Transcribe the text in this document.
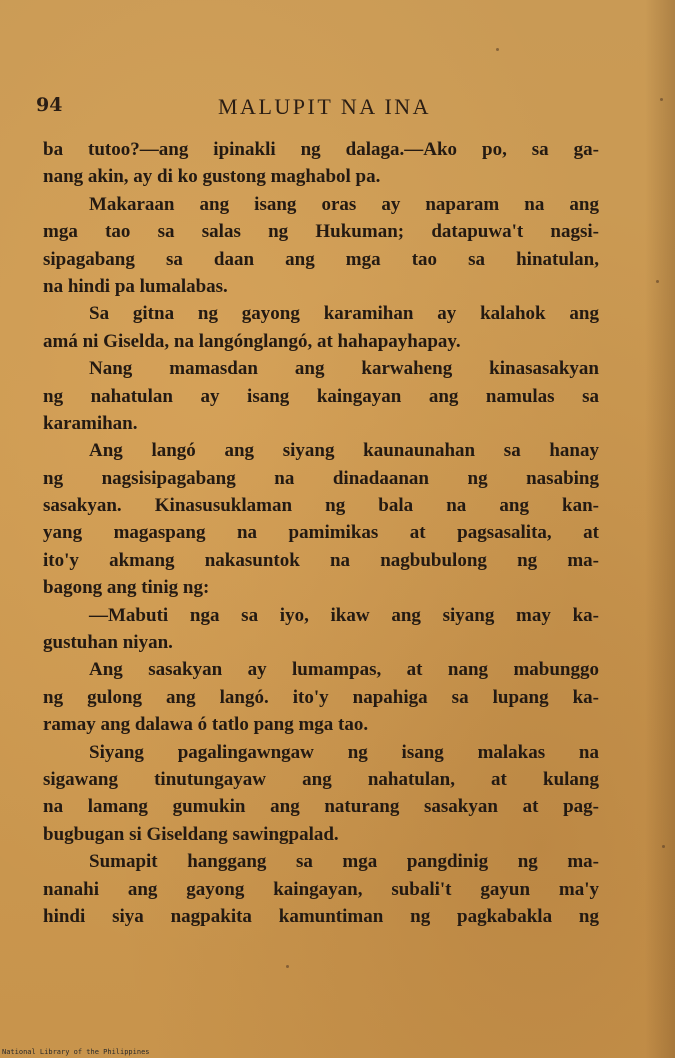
94	MALUPIT NA INA
ba tutoo?—ang ipinakli ng dalaga.—Ako po, sa ga-
nang akin, ay di ko gustong maghabol pa.
Makaraan ang isang oras ay naparam na ang
mga tao sa salas ng Hukuman; datapuwa't nagsi-
sipagabang sa daan ang mga tao sa hinatulan,
na hindi pa lumalabas.
Sa gitna ng gayong karamihan ay kalahok ang
amá ni Giselda, na langónglangó, at hahapayhapay.
Nang mamasdan ang karwaheng kinasasakyan
ng nahatulan ay isang kaingayan ang namulas sa
karamihan.
Ang langó ang siyang kaunaunahan sa hanay
ng nagsisipagabang na dinadaanan ng nasabing
sasakyan. Kinasusuklaman ng bala na ang kan-
yang magaspang na pamimikas at pagsasalita, at
ito'y akmang nakasuntok na nagbubulong ng ma-
bagong ang tinig ng:
—Mabuti nga sa iyo, ikaw ang siyang may ka-
gustuhan niyan.
Ang sasakyan ay lumampas, at nang mabunggo
ng gulong ang langó. ito'y napahiga sa lupang ka-
ramay ang dalawa ó tatlo pang mga tao.
Siyang pagalingawngaw ng isang malakas na
sigawang tinutungayaw ang nahatulan, at kulang
na lamang gumukin ang naturang sasakyan at pag-
bugbugan si Giseldang sawingpalad.
Sumapit hanggang sa mga pangdinig ng ma-
nanahi ang gayong kaingayan, subali't gayun ma'y
hindi siya nagpakita kamuntiman ng pagkabakla ng
National Library of the Philippines
